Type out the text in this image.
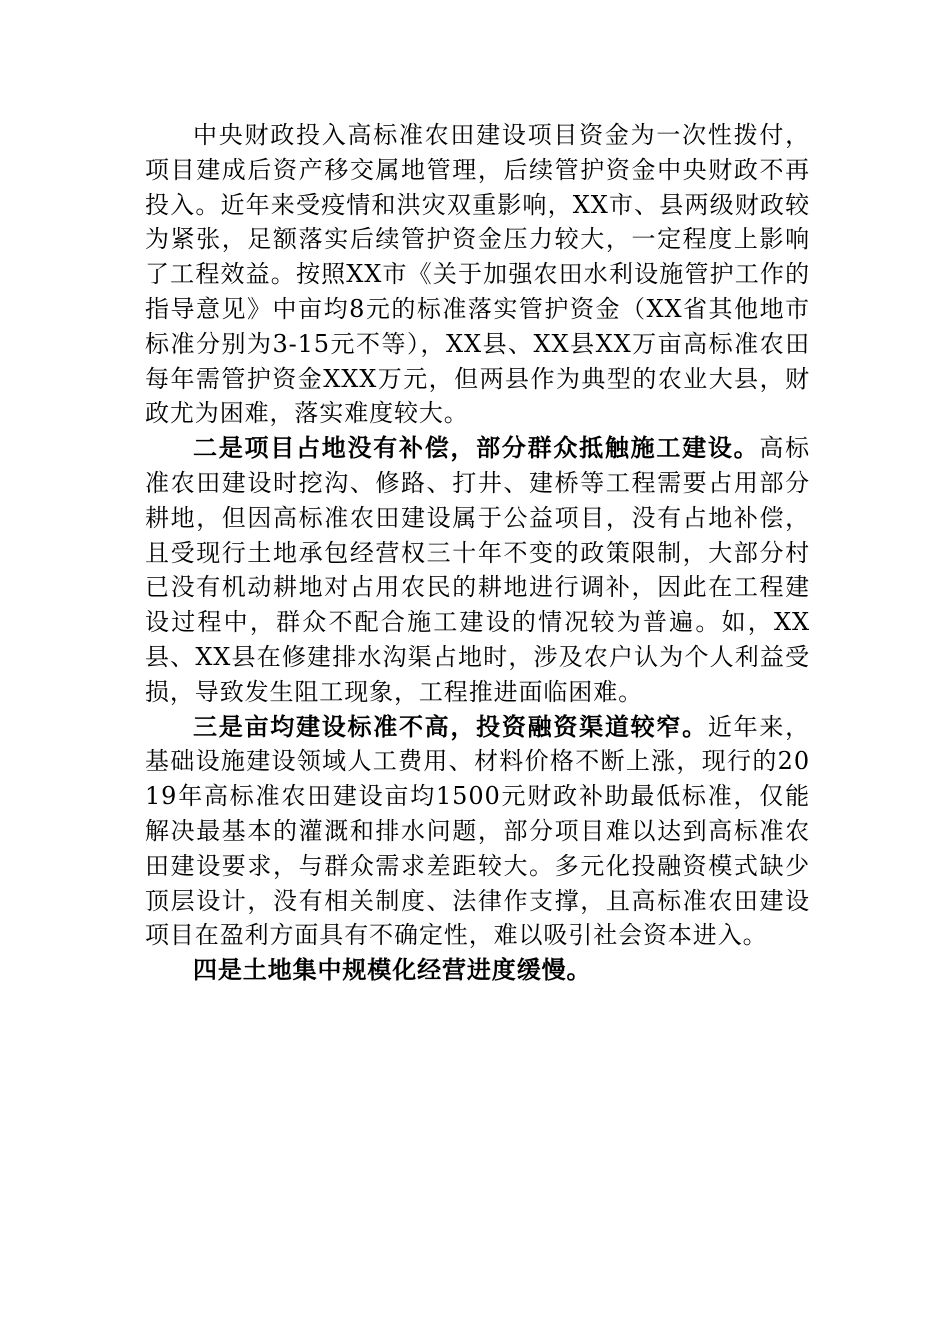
中央财政投入高标准农田建设项目资金为一次性拨付，项目建成后资产移交属地管理，后续管护资金中央财政不再投入。近年来受疫情和洪灾双重影响，XX市、县两级财政较为紧张，足额落实后续管护资金压力较大，一定程度上影响了工程效益。按照XX市《关于加强农田水利设施管护工作的指导意见》中亩均8元的标准落实管护资金（XX省其他地市标准分别为3-15元不等），XX县、XX县XX万亩高标准农田每年需管护资金XXX万元，但两县作为典型的农业大县，财政尤为困难，落实难度较大。

二是项目占地没有补偿，部分群众抵触施工建设。高标准农田建设时挖沟、修路、打井、建桥等工程需要占用部分耕地，但因高标准农田建设属于公益项目，没有占地补偿，且受现行土地承包经营权三十年不变的政策限制，大部分村已没有机动耕地对占用农民的耕地进行调补，因此在工程建设过程中，群众不配合施工建设的情况较为普遍。如，XX县、XX县在修建排水沟渠占地时，涉及农户认为个人利益受损，导致发生阻工现象，工程推进面临困难。

三是亩均建设标准不高，投资融资渠道较窄。近年来，基础设施建设领域人工费用、材料价格不断上涨，现行的2019年高标准农田建设亩均1500元财政补助最低标准，仅能解决最基本的灌溉和排水问题，部分项目难以达到高标准农田建设要求，与群众需求差距较大。多元化投融资模式缺少顶层设计，没有相关制度、法律作支撑，且高标准农田建设项目在盈利方面具有不确定性，难以吸引社会资本进入。

四是土地集中规模化经营进度缓慢。
